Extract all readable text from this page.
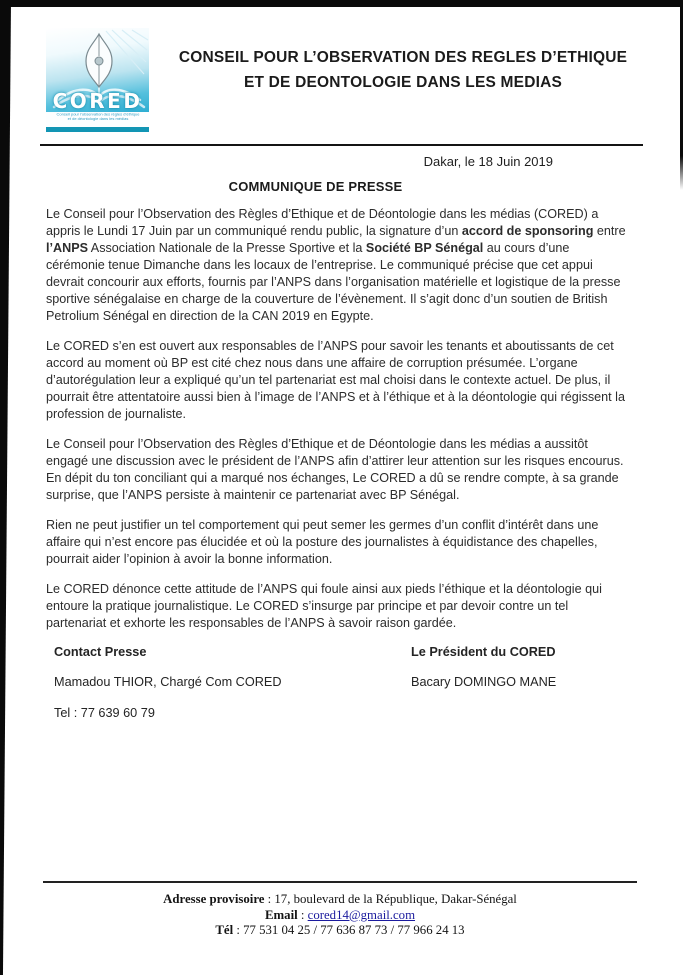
CORED
Conseil pour l’observation des règles d’éthique
et de déontologie dans les médias
CONSEIL POUR L’OBSERVATION DES REGLES D’ETHIQUE
ET DE DEONTOLOGIE DANS LES MEDIAS
Dakar, le 18 Juin 2019
COMMUNIQUE DE PRESSE

Le Conseil pour l’Observation des Règles d’Ethique et de Déontologie dans les médias (CORED) a appris le Lundi 17 Juin par un communiqué rendu public, la signature d’un accord de sponsoring entre l’ANPS Association Nationale de la Presse Sportive et la Société BP Sénégal au cours d’une cérémonie tenue Dimanche dans les locaux de l’entreprise. Le communiqué précise que cet appui devrait concourir aux efforts, fournis par l’ANPS dans l’organisation matérielle et logistique de la presse sportive sénégalaise en charge de la couverture de l’évènement. Il s’agit donc d’un soutien de British Petrolium Sénégal en direction de la CAN 2019 en Egypte.

Le CORED s’en est ouvert aux responsables de l’ANPS pour savoir les tenants et aboutissants de cet accord au moment où BP est cité chez nous dans une affaire de corruption présumée. L’organe d’autorégulation leur a expliqué qu’un tel partenariat est mal choisi dans le contexte actuel. De plus, il pourrait être attentatoire aussi bien à l’image de l’ANPS et à l’éthique et à la déontologie qui régissent la profession de journaliste.

Le Conseil pour l’Observation des Règles d’Ethique et de Déontologie dans les médias a aussitôt engagé une discussion avec le président de l’ANPS afin d’attirer leur attention sur les risques encourus. En dépit du ton conciliant qui a marqué nos échanges, Le CORED a dû se rendre compte, à sa grande surprise, que l’ANPS persiste à maintenir ce partenariat avec BP Sénégal.

Rien ne peut justifier un tel comportement qui peut semer les germes d’un conflit d’intérêt dans une affaire qui n’est encore pas élucidée et où la posture des journalistes à équidistance des chapelles, pourrait aider l’opinion à avoir la bonne information.

Le CORED dénonce cette attitude de l’ANPS qui foule ainsi aux pieds l’éthique et la déontologie qui entoure la pratique journalistique. Le CORED s’insurge par principe et par devoir contre un tel partenariat et exhorte les responsables de l’ANPS à savoir raison gardée.

Contact Presse
Mamadou THIOR, Chargé Com CORED
Tel : 77 639 60 79
Le Président du CORED
Bacary DOMINGO MANE
Adresse provisoire : 17, boulevard de la République, Dakar-Sénégal
Email : cored14@gmail.com
Tél : 77 531 04 25 / 77 636 87 73 / 77 966 24 13
